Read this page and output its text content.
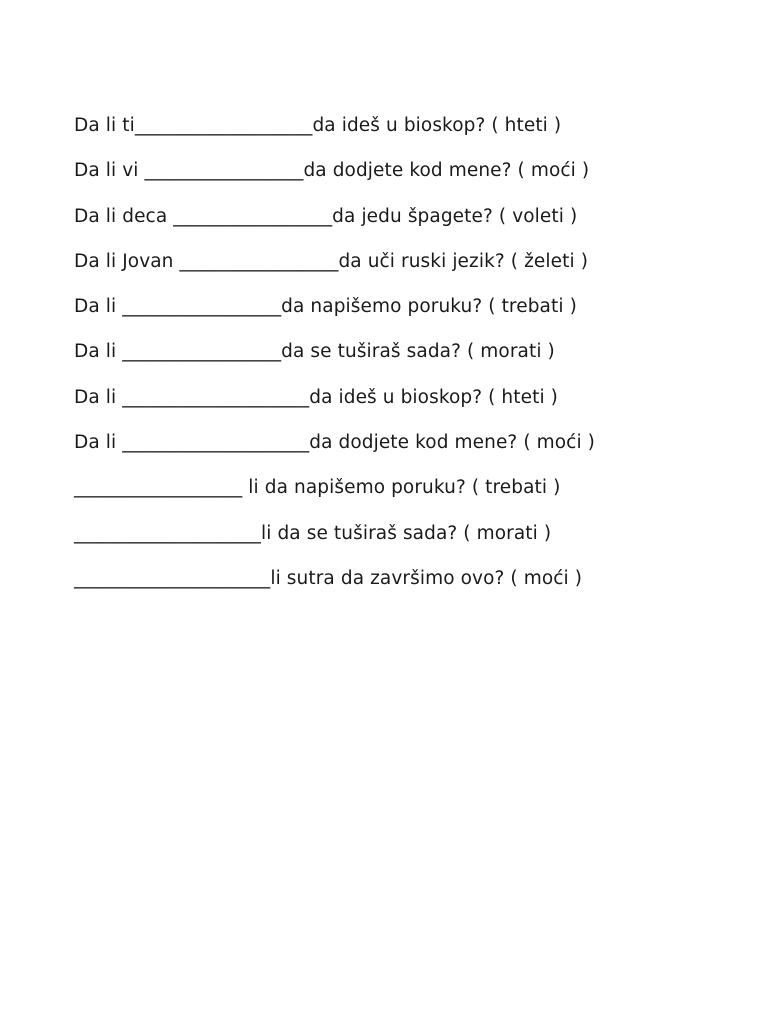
Da li ti___________________da ideš u bioskop? ( hteti )
Da li vi _________________da dodjete kod mene? ( moći )
Da li deca _________________da jedu špagete? ( voleti )
Da li Jovan _________________da uči ruski jezik? ( želeti )
Da li _________________da napišemo poruku? ( trebati )
Da li _________________da se tuširaš sada? ( morati )
Da li ____________________da ideš u bioskop? ( hteti )
Da li ____________________da dodjete kod mene? ( moći )
__________________ li da napišemo poruku? ( trebati )
____________________li da se tuširaš sada? ( morati )
_____________________li sutra da završimo ovo? ( moći )
